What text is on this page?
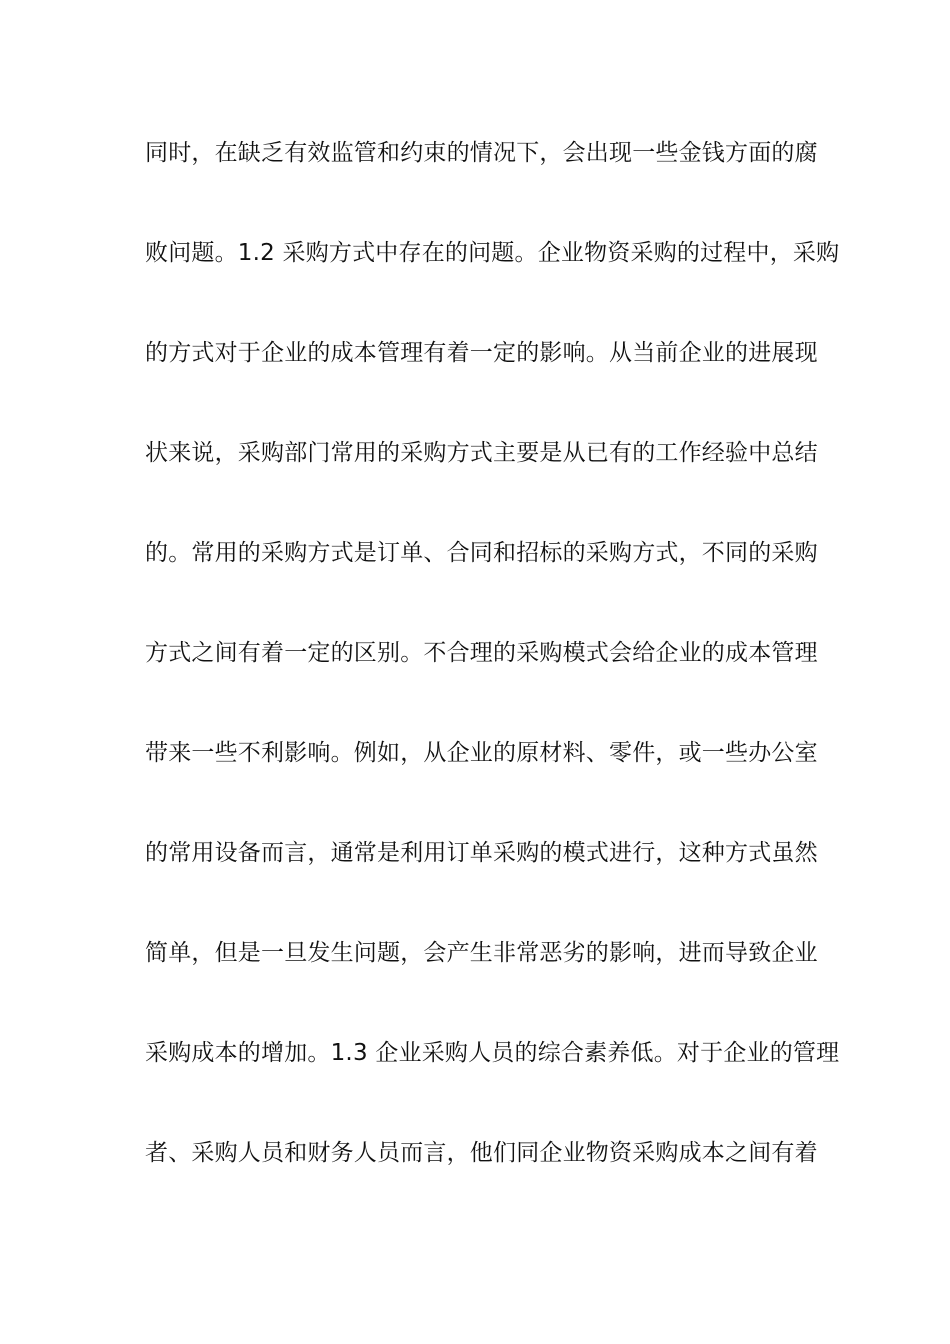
同时，在缺乏有效监管和约束的情况下，会出现一些金钱方面的腐
败问题。1.2 采购方式中存在的问题。企业物资采购的过程中，采购
的方式对于企业的成本管理有着一定的影响。从当前企业的进展现
状来说，采购部门常用的采购方式主要是从已有的工作经验中总结
的。常用的采购方式是订单、合同和招标的采购方式，不同的采购
方式之间有着一定的区别。不合理的采购模式会给企业的成本管理
带来一些不利影响。例如，从企业的原材料、零件，或一些办公室
的常用设备而言，通常是利用订单采购的模式进行，这种方式虽然
简单，但是一旦发生问题，会产生非常恶劣的影响，进而导致企业
采购成本的增加。1.3 企业采购人员的综合素养低。对于企业的管理
者、采购人员和财务人员而言，他们同企业物资采购成本之间有着
